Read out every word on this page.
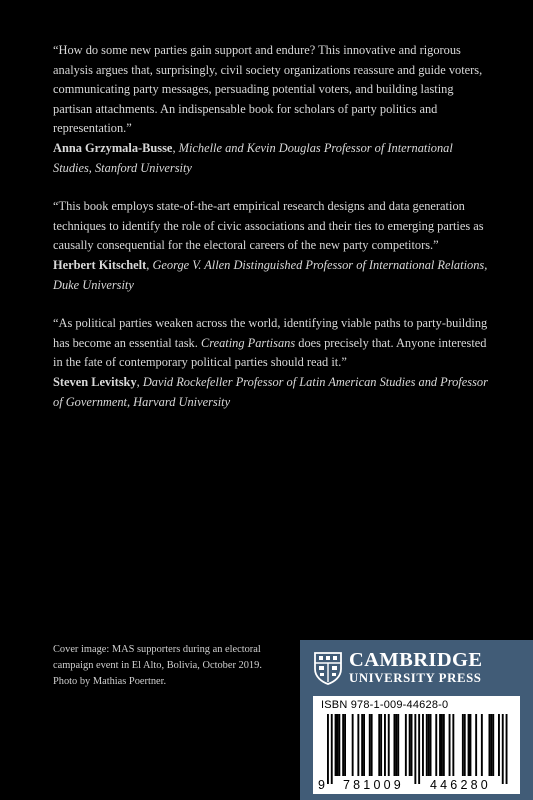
“How do some new parties gain support and endure? This innovative and rigorous analysis argues that, surprisingly, civil society organizations reassure and guide voters, communicating party messages, persuading potential voters, and building lasting partisan attachments. An indispensable book for scholars of party politics and representation.”
Anna Grzymala-Busse, Michelle and Kevin Douglas Professor of International Studies, Stanford University
“This book employs state-of-the-art empirical research designs and data generation techniques to identify the role of civic associations and their ties to emerging parties as causally consequential for the electoral careers of the new party competitors.”
Herbert Kitschelt, George V. Allen Distinguished Professor of International Relations, Duke University
“As political parties weaken across the world, identifying viable paths to party-building has become an essential task. Creating Partisans does precisely that. Anyone interested in the fate of contemporary political parties should read it.”
Steven Levitsky, David Rockefeller Professor of Latin American Studies and Professor of Government, Harvard University
Cover image: MAS supporters during an electoral campaign event in El Alto, Bolivia, October 2019. Photo by Mathias Poertner.
CAMBRIDGE
UNIVERSITY PRESS
ISBN 978-1-009-44628-0
9 781009 446280
